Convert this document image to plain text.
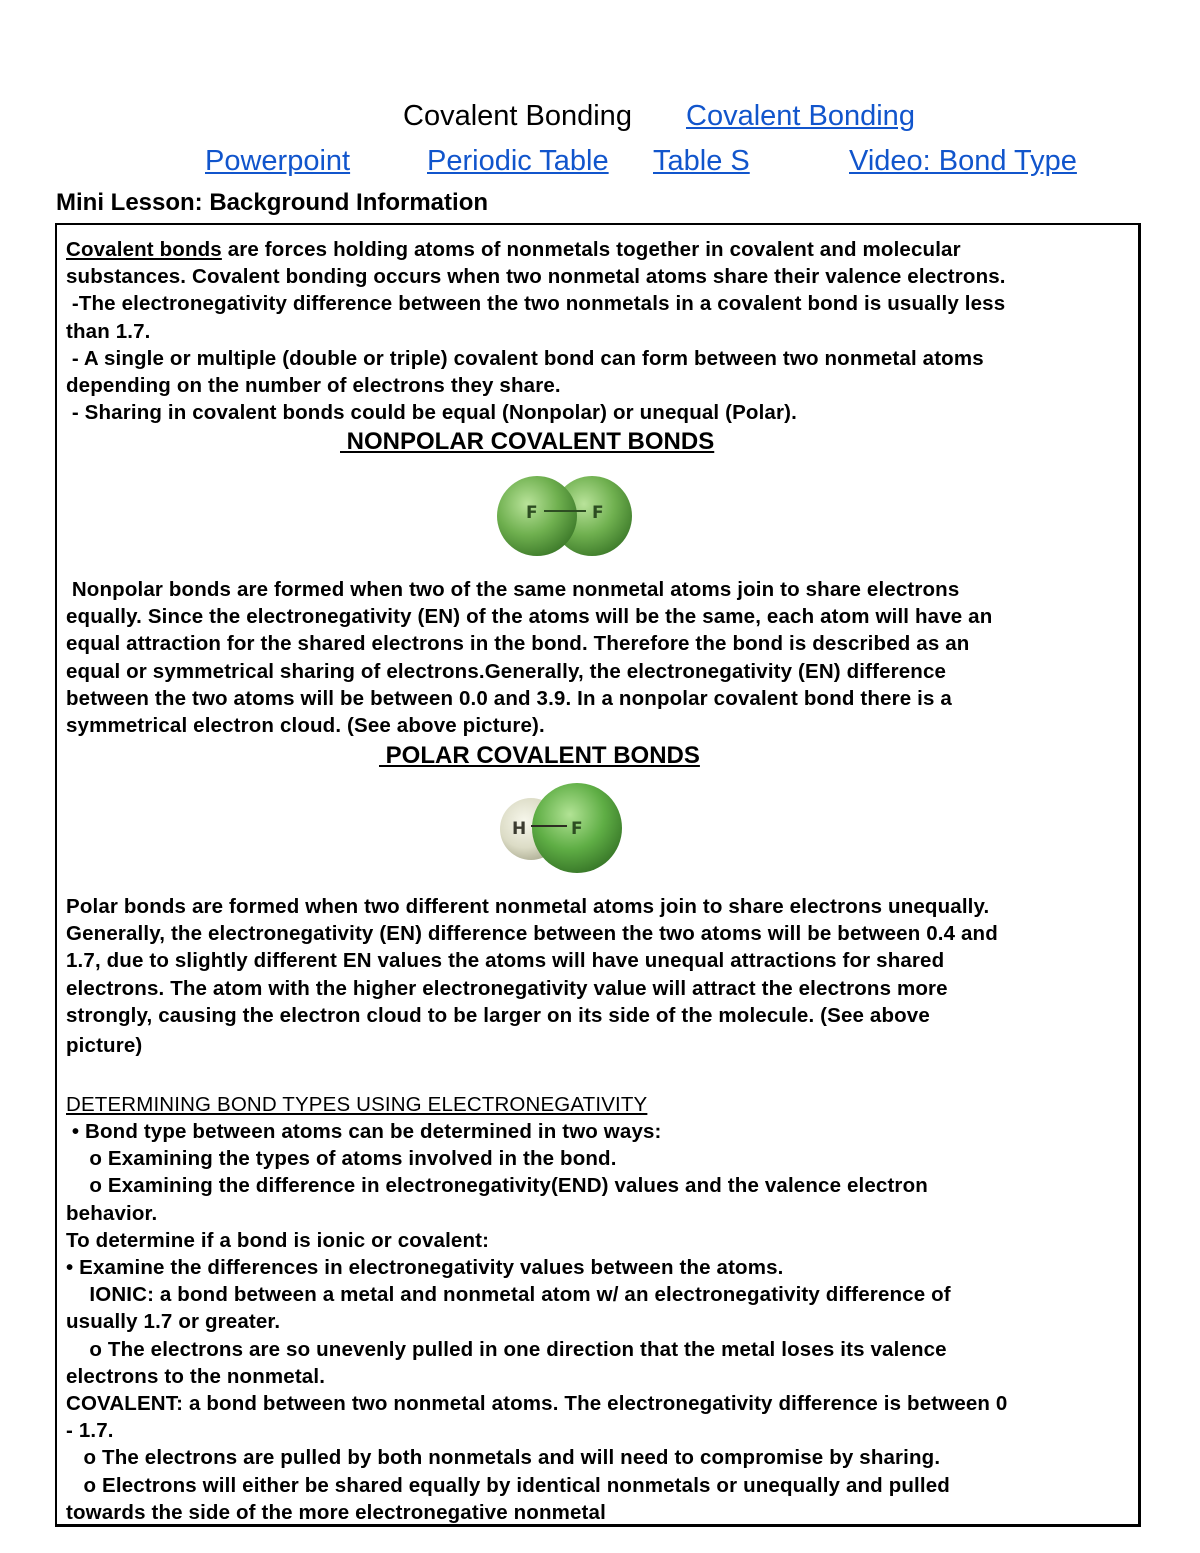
Covalent Bonding Covalent Bonding
Powerpoint	Periodic Table Table S	Video: Bond Type
Mini Lesson: Background Information
Covalent bonds are forces holding atoms of nonmetals together in covalent and molecular
substances. Covalent bonding occurs when two nonmetal atoms share their valence electrons.
-The electronegativity difference between the two nonmetals in a covalent bond is usually less
than 1.7.
- A single or multiple (double or triple) covalent bond can form between two nonmetal atoms
depending on the number of electrons they share.
- Sharing in covalent bonds could be equal (Nonpolar) or unequal (Polar).
NONPOLAR COVALENT BONDS
F	F
Nonpolar bonds are formed when two of the same nonmetal atoms join to share electrons
equally. Since the electronegativity (EN) of the atoms will be the same, each atom will have an
equal attraction for the shared electrons in the bond. Therefore the bond is described as an
equal or symmetrical sharing of electrons.Generally, the electronegativity (EN) difference
between the two atoms will be between 0.0 and 3.9. In a nonpolar covalent bond there is a
symmetrical electron cloud. (See above picture).
POLAR COVALENT BONDS
H	F
Polar bonds are formed when two different nonmetal atoms join to share electrons unequally.
Generally, the electronegativity (EN) difference between the two atoms will be between 0.4 and
1.7, due to slightly different EN values the atoms will have unequal attractions for shared
electrons. The atom with the higher electronegativity value will attract the electrons more
strongly, causing the electron cloud to be larger on its side of the molecule. (See above
picture)
DETERMINING BOND TYPES USING ELECTRONEGATIVITY
• Bond type between atoms can be determined in two ways:
o Examining the types of atoms involved in the bond.
o Examining the difference in electronegativity(END) values and the valence electron
behavior.
To determine if a bond is ionic or covalent:
• Examine the differences in electronegativity values between the atoms.
IONIC: a bond between a metal and nonmetal atom w/ an electronegativity difference of
usually 1.7 or greater.
o The electrons are so unevenly pulled in one direction that the metal loses its valence
electrons to the nonmetal.
COVALENT: a bond between two nonmetal atoms. The electronegativity difference is between 0
- 1.7.
o The electrons are pulled by both nonmetals and will need to compromise by sharing.
o Electrons will either be shared equally by identical nonmetals or unequally and pulled
towards the side of the more electronegative nonmetal
